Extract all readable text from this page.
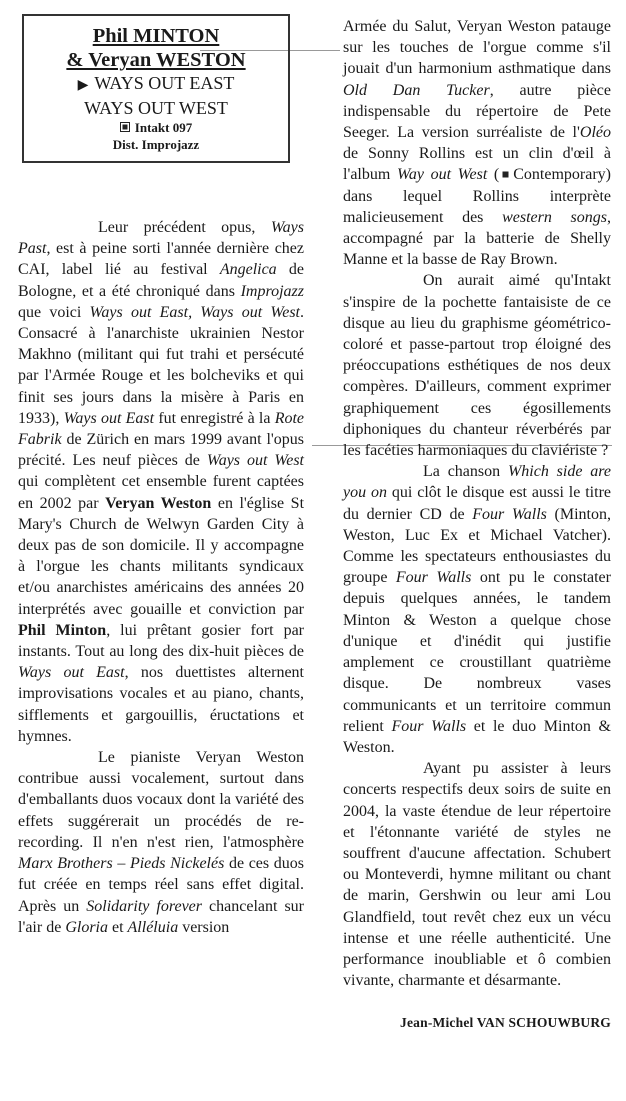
Phil MINTON
& Veryan WESTON
▶ WAYS OUT EAST
WAYS OUT WEST
Intakt 097
Dist. Improjazz

Leur précédent opus, Ways Past, est à peine sorti l'année dernière chez CAI, label lié au festival Angelica de Bologne, et a été chroniqué dans Improjazz que voici Ways out East, Ways out West. Consacré à l'anarchiste ukrainien Nestor Makhno (militant qui fut trahi et persécuté par l'Armée Rouge et les bolcheviks et qui finit ses jours dans la misère à Paris en 1933), Ways out East fut enregistré à la Rote Fabrik de Zürich en mars 1999 avant l'opus précité. Les neuf pièces de Ways out West qui complètent cet ensemble furent captées en 2002 par Veryan Weston en l'église St Mary's Church de Welwyn Garden City à deux pas de son domicile. Il y accompagne à l'orgue les chants militants syndicaux et/ou anarchistes américains des années 20 interprétés avec gouaille et conviction par Phil Minton, lui prêtant gosier fort par instants. Tout au long des dix-huit pièces de Ways out East, nos duettistes alternent improvisations vocales et au piano, chants, sifflements et gargouillis, éructations et hymnes.

Le pianiste Veryan Weston contribue aussi vocalement, surtout dans d'emballants duos vocaux dont la variété des effets suggérerait un procédés de re-recording. Il n'en n'est rien, l'atmosphère Marx Brothers – Pieds Nickelés de ces duos fut créée en temps réel sans effet digital. Après un Solidarity forever chancelant sur l'air de Gloria et Alléluia version

Armée du Salut, Veryan Weston patauge sur les touches de l'orgue comme s'il jouait d'un harmonium asthmatique dans Old Dan Tucker, autre pièce indispensable du répertoire de Pete Seeger. La version surréaliste de l'Oléo de Sonny Rollins est un clin d'œil à l'album Way out West ( Contemporary) dans lequel Rollins interprète malicieusement des western songs, accompagné par la batterie de Shelly Manne et la basse de Ray Brown.

On aurait aimé qu'Intakt s'inspire de la pochette fantaisiste de ce disque au lieu du graphisme géométrico-coloré et passe-partout trop éloigné des préoccupations esthétiques de nos deux compères. D'ailleurs, comment exprimer graphiquement ces égosillements diphoniques du chanteur réverbérés par les facéties harmoniaques du claviériste ?

La chanson Which side are you on qui clôt le disque est aussi le titre du dernier CD de Four Walls (Minton, Weston, Luc Ex et Michael Vatcher). Comme les spectateurs enthousiastes du groupe Four Walls ont pu le constater depuis quelques années, le tandem Minton & Weston a quelque chose d'unique et d'inédit qui justifie amplement ce croustillant quatrième disque. De nombreux vases communicants et un territoire commun relient Four Walls et le duo Minton & Weston.

Ayant pu assister à leurs concerts respectifs deux soirs de suite en 2004, la vaste étendue de leur répertoire et l'étonnante variété de styles ne souffrent d'aucune affectation. Schubert ou Monteverdi, hymne militant ou chant de marin, Gershwin ou leur ami Lou Glandfield, tout revêt chez eux un vécu intense et une réelle authenticité. Une performance inoubliable et ô combien vivante, charmante et désarmante.

Jean-Michel VAN SCHOUWBURG
